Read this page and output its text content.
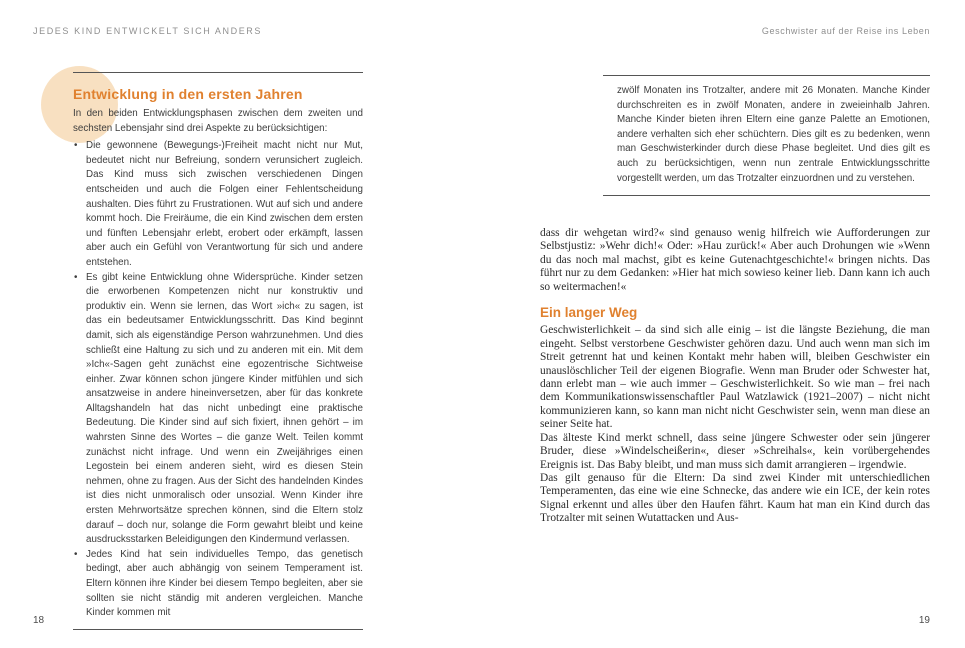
JEDES KIND ENTWICKELT SICH ANDERS	Geschwister auf der Reise ins Leben
Entwicklung in den ersten Jahren

In den beiden Entwicklungsphasen zwischen dem zweiten und sechsten Lebensjahr sind drei Aspekte zu berücksichtigen:

• Die gewonnene (Bewegungs-)Freiheit macht nicht nur Mut, bedeutet nicht nur Befreiung, sondern verunsichert zugleich. Das Kind muss sich zwischen verschiedenen Dingen entscheiden und auch die Folgen einer Fehlentscheidung aushalten. Dies führt zu Frustrationen. Wut auf sich und andere kommt hoch. Die Freiräume, die ein Kind zwischen dem ersten und fünften Lebensjahr erlebt, erobert oder erkämpft, lassen aber auch ein Gefühl von Verantwortung für sich und andere entstehen.
• Es gibt keine Entwicklung ohne Widersprüche. Kinder setzen die erworbenen Kompetenzen nicht nur konstruktiv und produktiv ein. Wenn sie lernen, das Wort »ich« zu sagen, ist das ein bedeutsamer Entwicklungsschritt. Das Kind beginnt damit, sich als eigenständige Person wahrzunehmen. Und dies schließt eine Haltung zu sich und zu anderen mit ein. Mit dem »Ich«-Sagen geht zunächst eine egozentrische Sichtweise einher. Zwar können schon jüngere Kinder mitfühlen und sich ansatzweise in andere hineinversetzen, aber für das konkrete Alltagshandeln hat das nicht unbedingt eine praktische Bedeutung. Die Kinder sind auf sich fixiert, ihnen gehört – im wahrsten Sinne des Wortes – die ganze Welt. Teilen kommt zunächst nicht infrage. Und wenn ein Zweijähriges einen Legostein bei einem anderen sieht, wird es diesen Stein nehmen, ohne zu fragen. Aus der Sicht des handelnden Kindes ist dies nicht unmoralisch oder unsozial. Wenn Kinder ihre ersten Mehrwortsätze sprechen können, sind die Eltern stolz darauf – doch nur, solange die Form gewahrt bleibt und keine ausdrucksstarken Beleidigungen den Kindermund verlassen.
• Jedes Kind hat sein individuelles Tempo, das genetisch bedingt, aber auch abhängig von seinem Temperament ist. Eltern können ihre Kinder bei diesem Tempo begleiten, aber sie sollten sie nicht ständig mit anderen vergleichen. Manche Kinder kommen mit

zwölf Monaten ins Trotzalter, andere mit 26 Monaten. Manche Kinder durchschreiten es in zwölf Monaten, andere in zweieinhalb Jahren. Manche Kinder bieten ihren Eltern eine ganze Palette an Emotionen, andere verhalten sich eher schüchtern. Dies gilt es zu bedenken, wenn man Geschwisterkinder durch diese Phase begleitet. Und dies gilt es auch zu berücksichtigen, wenn nun zentrale Entwicklungsschritte vorgestellt werden, um das Trotzalter einzuordnen und zu verstehen.

dass dir wehgetan wird?« sind genauso wenig hilfreich wie Aufforderungen zur Selbstjustiz: »Wehr dich!« Oder: »Hau zurück!« Aber auch Drohungen wie »Wenn du das noch mal machst, gibt es keine Gutenachtgeschichte!« bringen nichts. Das führt nur zu dem Gedanken: »Hier hat mich sowieso keiner lieb. Dann kann ich auch so weitermachen!«

Ein langer Weg

Geschwisterlichkeit – da sind sich alle einig – ist die längste Beziehung, die man eingeht. Selbst verstorbene Geschwister gehören dazu. Und auch wenn man sich im Streit getrennt hat und keinen Kontakt mehr haben will, bleiben Geschwister ein unauslöschlicher Teil der eigenen Biografie. Wenn man Bruder oder Schwester hat, dann erlebt man – wie auch immer – Geschwisterlichkeit. So wie man – frei nach dem Kommunikationswissenschaftler Paul Watzlawick (1921–2007) – nicht nicht kommunizieren kann, so kann man nicht nicht Geschwister sein, wenn man diese an seiner Seite hat.

Das älteste Kind merkt schnell, dass seine jüngere Schwester oder sein jüngerer Bruder, diese »Windelscheißerin«, dieser »Schreihals«, kein vorübergehendes Ereignis ist. Das Baby bleibt, und man muss sich damit arrangieren – irgendwie.

Das gilt genauso für die Eltern: Da sind zwei Kinder mit unterschiedlichen Temperamenten, das eine wie eine Schnecke, das andere wie ein ICE, der kein rotes Signal erkennt und alles über den Haufen fährt. Kaum hat man ein Kind durch das Trotzalter mit seinen Wutattacken und Aus-

18	19
